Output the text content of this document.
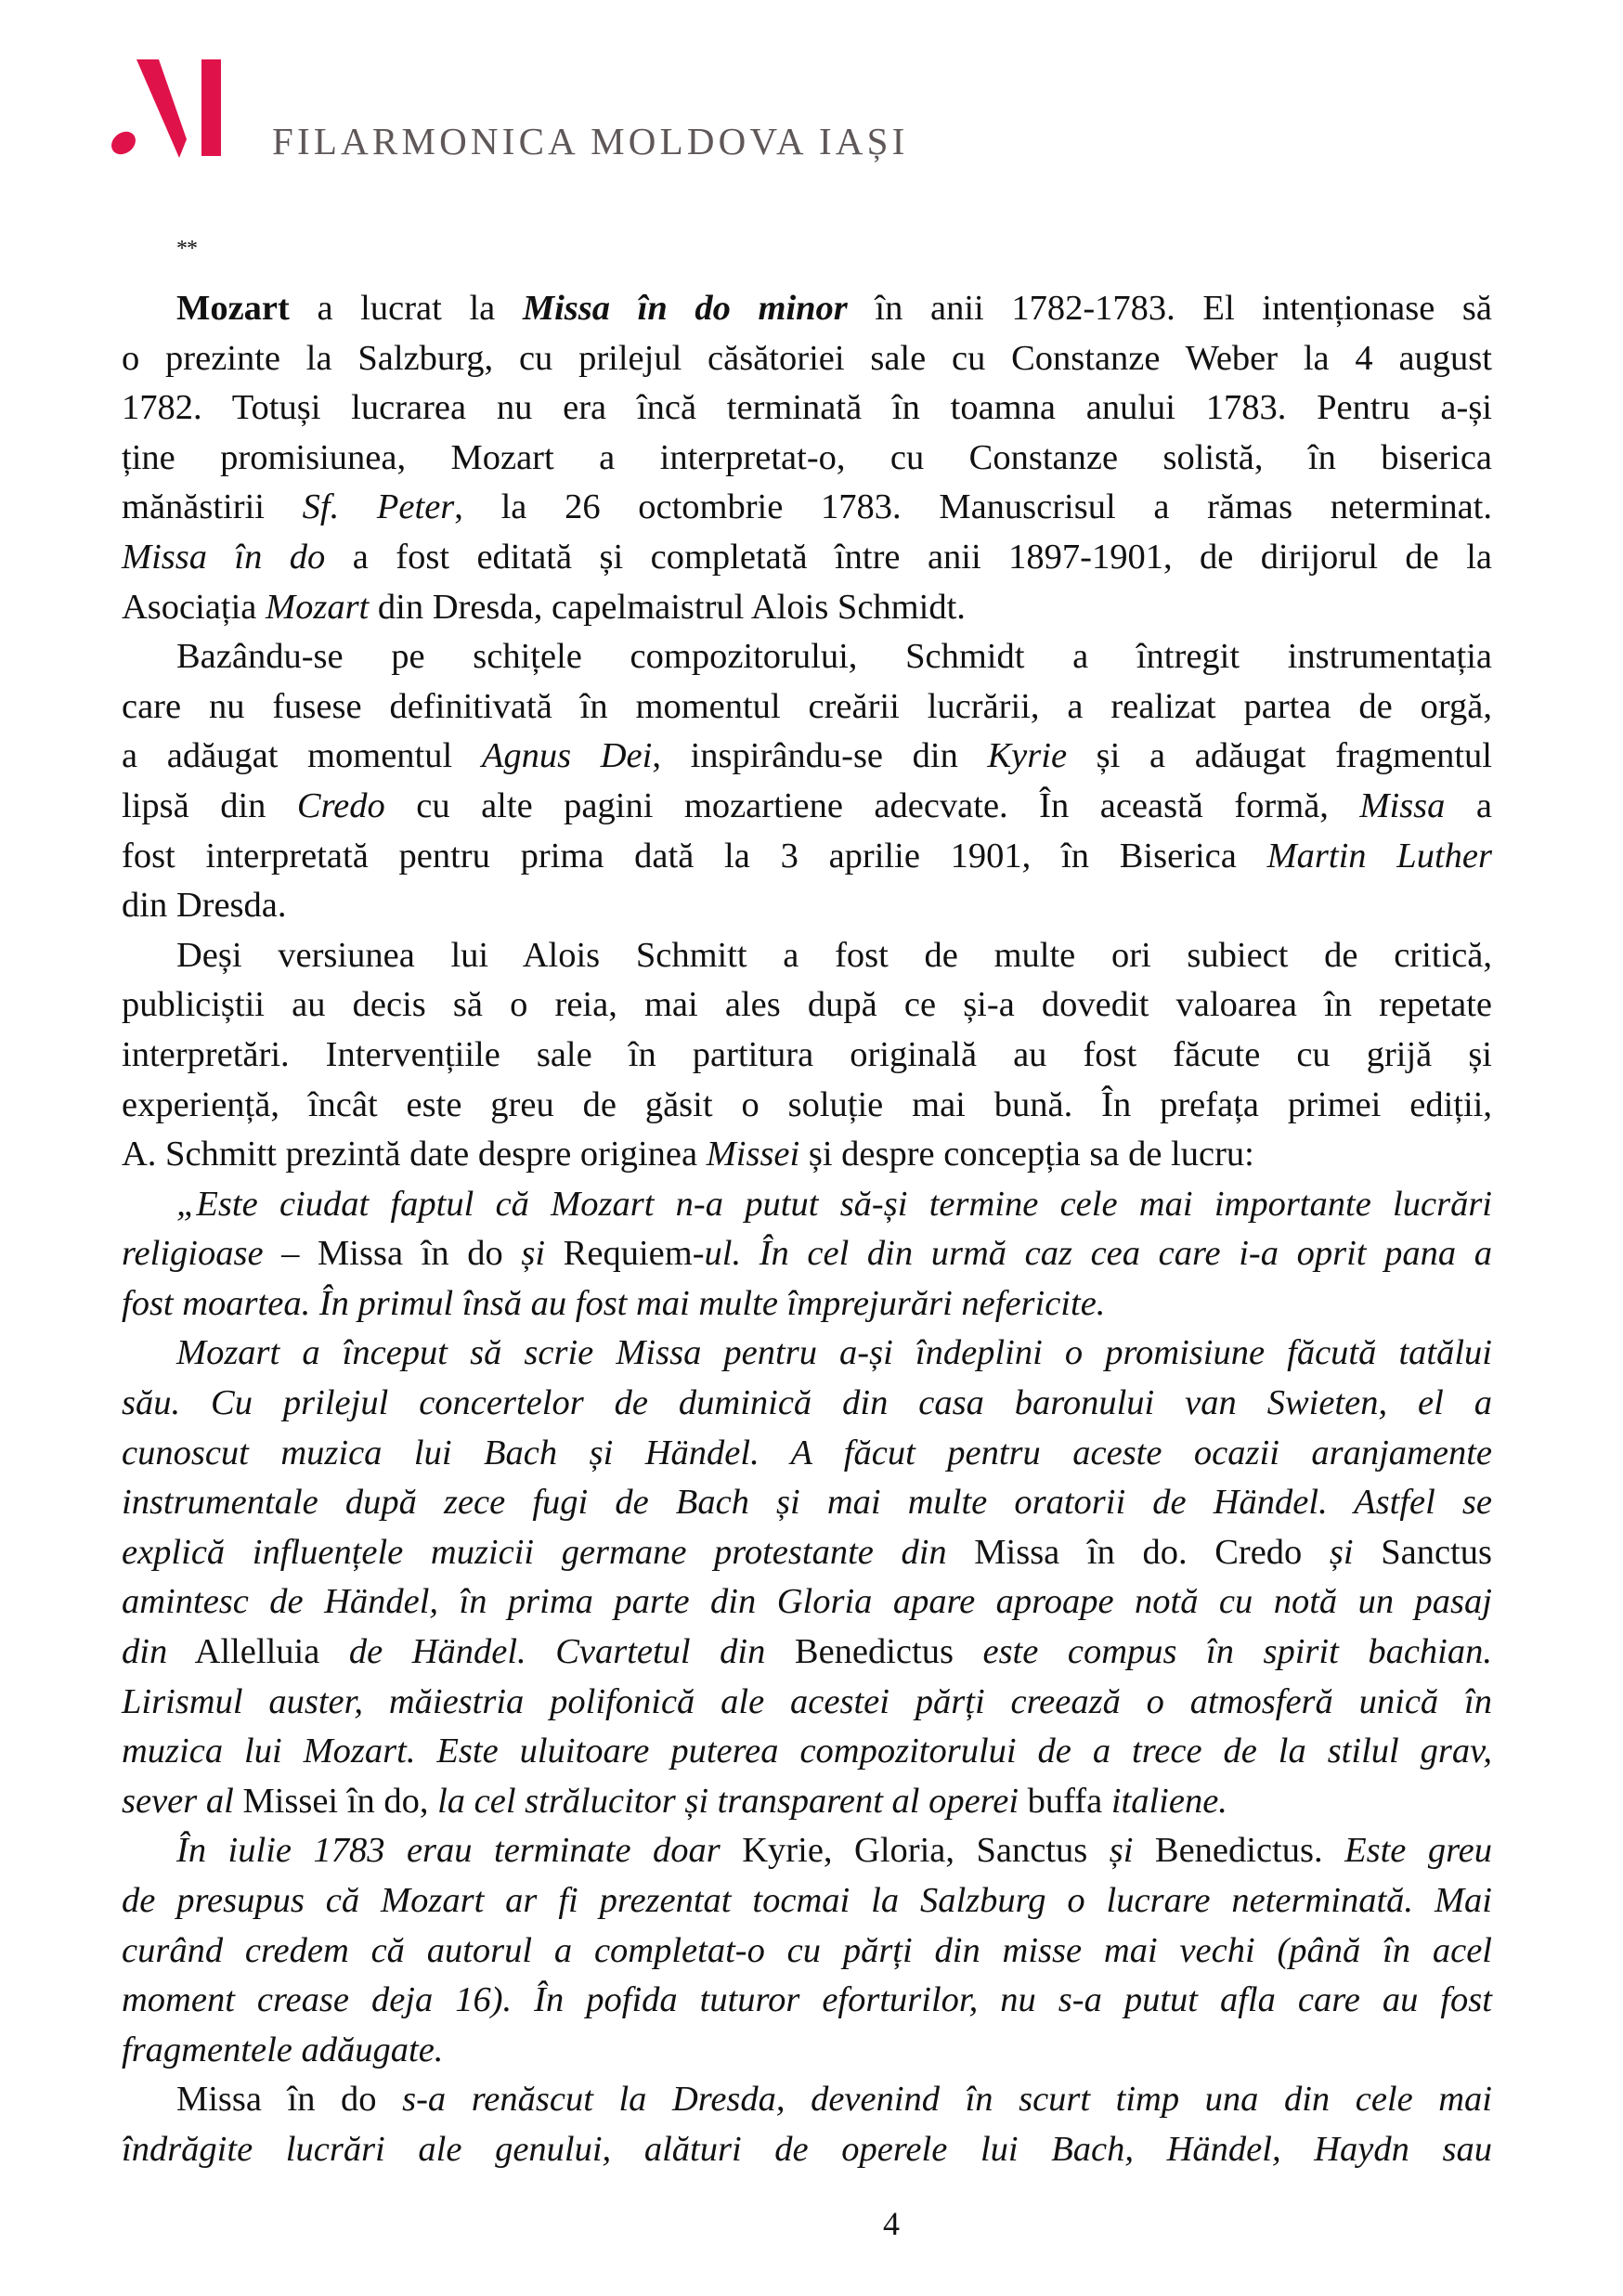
FILARMONICA MOLDOVA IAȘI
**
Mozart a lucrat la Missa în do minor în anii 1782-1783. El intenționase să
o prezinte la Salzburg, cu prilejul căsătoriei sale cu Constanze Weber la 4 august
1782. Totuși lucrarea nu era încă terminată în toamna anului 1783. Pentru a-și
ține promisiunea, Mozart a interpretat-o, cu Constanze solistă, în biserica
mănăstirii Sf. Peter, la 26 octombrie 1783. Manuscrisul a rămas neterminat.
Missa în do a fost editată și completată între anii 1897-1901, de dirijorul de la
Asociația Mozart din Dresda, capelmaistrul Alois Schmidt.
Bazându-se pe schițele compozitorului, Schmidt a întregit instrumentația
care nu fusese definitivată în momentul creării lucrării, a realizat partea de orgă,
a adăugat momentul Agnus Dei, inspirându-se din Kyrie și a adăugat fragmentul
lipsă din Credo cu alte pagini mozartiene adecvate. În această formă, Missa a
fost interpretată pentru prima dată la 3 aprilie 1901, în Biserica Martin Luther
din Dresda.
Deși versiunea lui Alois Schmitt a fost de multe ori subiect de critică,
publiciștii au decis să o reia, mai ales după ce și-a dovedit valoarea în repetate
interpretări. Intervențiile sale în partitura originală au fost făcute cu grijă și
experiență, încât este greu de găsit o soluție mai bună. În prefața primei ediții,
A. Schmitt prezintă date despre originea Missei și despre concepția sa de lucru:
„Este ciudat faptul că Mozart n-a putut să-și termine cele mai importante lucrări
religioase – Missa în do și Requiem-ul. În cel din urmă caz cea care i-a oprit pana a
fost moartea. În primul însă au fost mai multe împrejurări nefericite.
Mozart a început să scrie Missa pentru a-și îndeplini o promisiune făcută tatălui
său. Cu prilejul concertelor de duminică din casa baronului van Swieten, el a
cunoscut muzica lui Bach și Händel. A făcut pentru aceste ocazii aranjamente
instrumentale după zece fugi de Bach și mai multe oratorii de Händel. Astfel se
explică influențele muzicii germane protestante din Missa în do. Credo și Sanctus
amintesc de Händel, în prima parte din Gloria apare aproape notă cu notă un pasaj
din Allelluia de Händel. Cvartetul din Benedictus este compus în spirit bachian.
Lirismul auster, măiestria polifonică ale acestei părți creează o atmosferă unică în
muzica lui Mozart. Este uluitoare puterea compozitorului de a trece de la stilul grav,
sever al Missei în do, la cel strălucitor și transparent al operei buffa italiene.
În iulie 1783 erau terminate doar Kyrie, Gloria, Sanctus și Benedictus. Este greu
de presupus că Mozart ar fi prezentat tocmai la Salzburg o lucrare neterminată. Mai
curând credem că autorul a completat-o cu părți din misse mai vechi (până în acel
moment crease deja 16). În pofida tuturor eforturilor, nu s-a putut afla care au fost
fragmentele adăugate.
Missa în do s-a renăscut la Dresda, devenind în scurt timp una din cele mai
îndrăgite lucrări ale genului, alături de operele lui Bach, Händel, Haydn sau
4
